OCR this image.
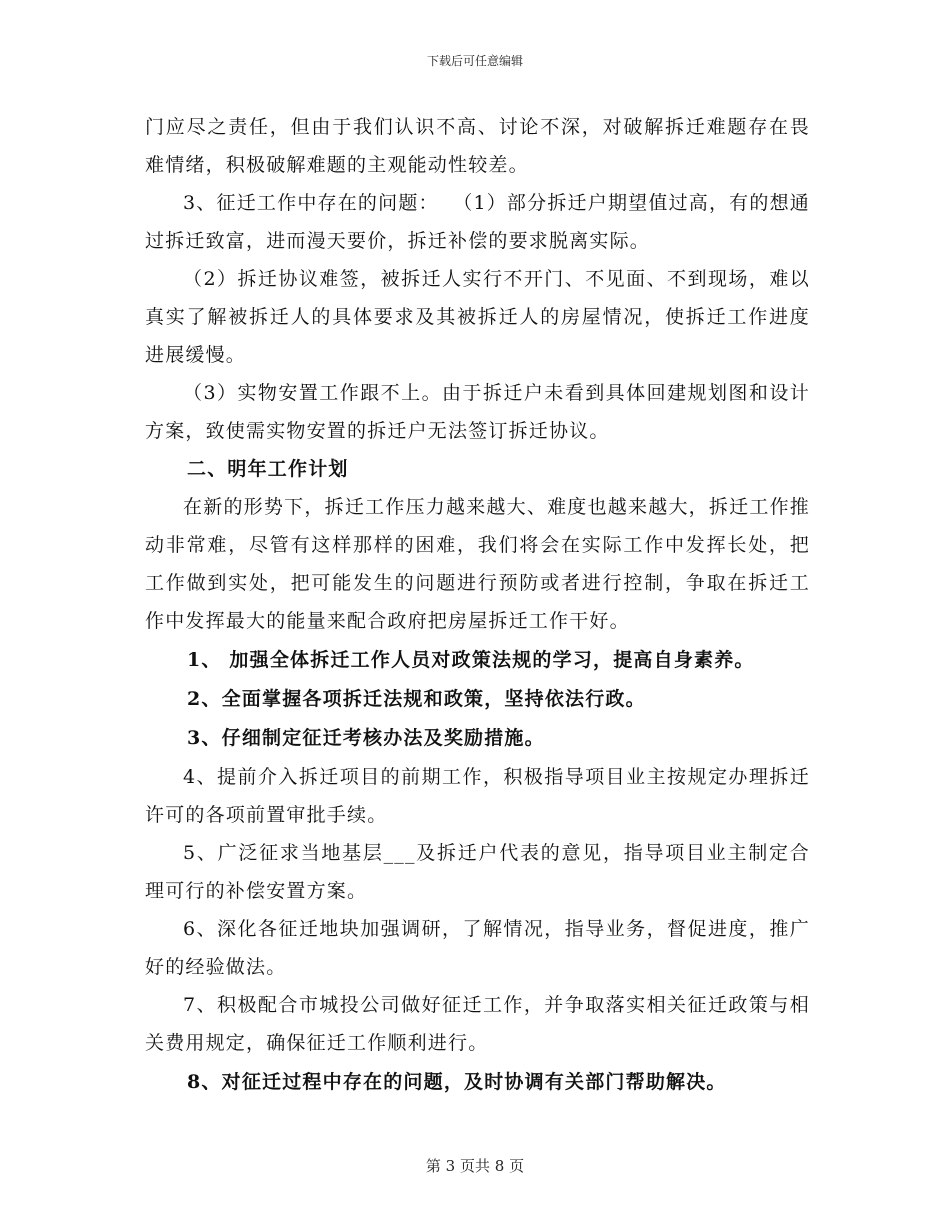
下载后可任意编辑

门应尽之责任，但由于我们认识不高、讨论不深，对破解拆迁难题存在畏难情绪，积极破解难题的主观能动性较差。

3、征迁工作中存在的问题：  （1）部分拆迁户期望值过高，有的想通过拆迁致富，进而漫天要价，拆迁补偿的要求脱离实际。

（2）拆迁协议难签，被拆迁人实行不开门、不见面、不到现场，难以真实了解被拆迁人的具体要求及其被拆迁人的房屋情况，使拆迁工作进度进展缓慢。

（3）实物安置工作跟不上。由于拆迁户未看到具体回建规划图和设计方案，致使需实物安置的拆迁户无法签订拆迁协议。

二、明年工作计划

在新的形势下，拆迁工作压力越来越大、难度也越来越大，拆迁工作推动非常难，尽管有这样那样的困难，我们将会在实际工作中发挥长处，把工作做到实处，把可能发生的问题进行预防或者进行控制，争取在拆迁工作中发挥最大的能量来配合政府把房屋拆迁工作干好。

1、 加强全体拆迁工作人员对政策法规的学习，提高自身素养。

2、全面掌握各项拆迁法规和政策，坚持依法行政。

3、仔细制定征迁考核办法及奖励措施。

4、提前介入拆迁项目的前期工作，积极指导项目业主按规定办理拆迁许可的各项前置审批手续。

5、广泛征求当地基层___及拆迁户代表的意见，指导项目业主制定合理可行的补偿安置方案。

6、深化各征迁地块加强调研，了解情况，指导业务，督促进度，推广好的经验做法。

7、积极配合市城投公司做好征迁工作，并争取落实相关征迁政策与相关费用规定，确保征迁工作顺利进行。

8、对征迁过程中存在的问题，及时协调有关部门帮助解决。

第 3 页共 8 页
